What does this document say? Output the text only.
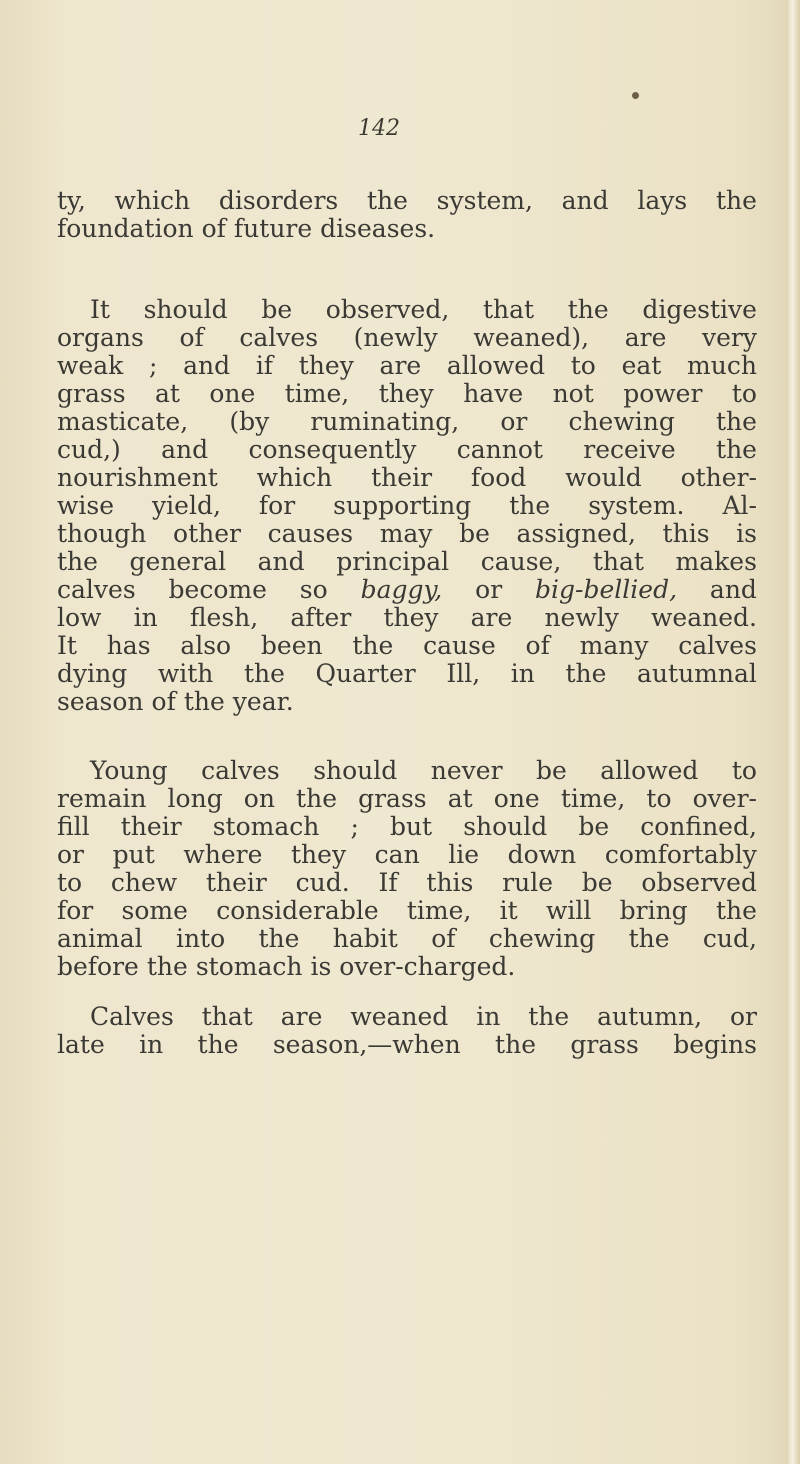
142
ty, which disorders the system, and lays the
foundation of future diseases.
It should be observed, that the digestive
organs of calves (newly weaned), are very
weak ; and if they are allowed to eat much
grass at one time, they have not power to
masticate, (by ruminating, or chewing the
cud,) and consequently cannot receive the
nourishment which their food would other-
wise yield, for supporting the system. Al-
though other causes may be assigned, this is
the general and principal cause, that makes
calves become so baggy, or big-bellied, and
low in flesh, after they are newly weaned.
It has also been the cause of many calves
dying with the Quarter Ill, in the autumnal
season of the year.
Young calves should never be allowed to
remain long on the grass at one time, to over-
fill their stomach ; but should be confined,
or put where they can lie down comfortably
to chew their cud. If this rule be observed
for some considerable time, it will bring the
animal into the habit of chewing the cud,
before the stomach is over-charged.
Calves that are weaned in the autumn, or
late in the season,—when the grass begins
